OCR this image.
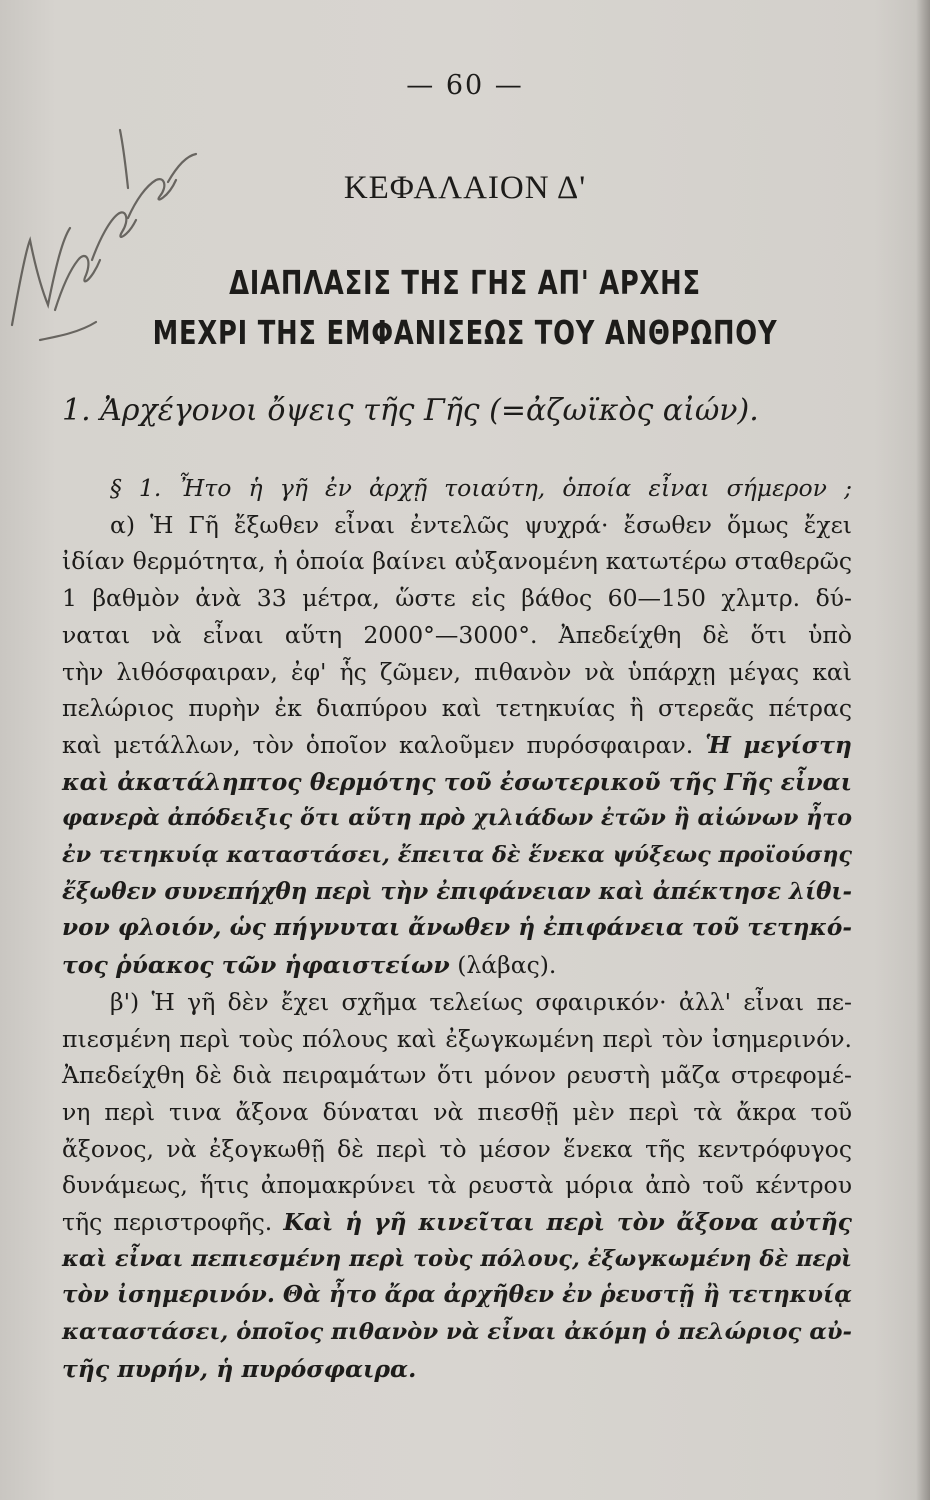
— 60 —
ΚΕΦΑΛΑΙΟΝ Δ'
ΔΙΑΠΛΑΣΙΣ ΤΗΣ ΓΗΣ ΑΠ' ΑΡΧΗΣ
ΜΕΧΡΙ ΤΗΣ ΕΜΦΑΝΙΣΕΩΣ ΤΟΥ ΑΝΘΡΩΠΟΥ
1. Ἀρχέγονοι ὄψεις τῆς Γῆς (=ἀζωϊκὸς αἰών).
§ 1. Ἦτο ἡ γῆ ἐν ἀρχῇ τοιαύτη, ὁποία εἶναι σήμερον ;
α) Ἡ Γῆ ἔξωθεν εἶναι ἐντελῶς ψυχρά· ἔσωθεν ὅμως ἔχει
ἰδίαν θερμότητα, ἡ ὁποία βαίνει αὐξανομένη κατωτέρω σταθερῶς
1 βαθμὸν ἀνὰ 33 μέτρα, ὥστε εἰς βάθος 60—150 χλμτρ. δύ-
ναται νὰ εἶναι αὕτη 2000°—3000°. Ἀπεδείχθη δὲ ὅτι ὑπὸ
τὴν λιθόσφαιραν, ἐφ' ἧς ζῶμεν, πιθανὸν νὰ ὑπάρχῃ μέγας καὶ
πελώριος πυρὴν ἐκ διαπύρου καὶ τετηκυίας ἢ στερεᾶς πέτρας
καὶ μετάλλων, τὸν ὁποῖον καλοῦμεν πυρόσφαιραν. Ἡ μεγίστη
καὶ ἀκατάληπτος θερμότης τοῦ ἐσωτερικοῦ τῆς Γῆς εἶναι
φανερὰ ἀπόδειξις ὅτι αὕτη πρὸ χιλιάδων ἐτῶν ἢ αἰώνων ἦτο
ἐν τετηκυίᾳ καταστάσει, ἔπειτα δὲ ἕνεκα ψύξεως προϊούσης
ἔξωθεν συνεπήχθη περὶ τὴν ἐπιφάνειαν καὶ ἀπέκτησε λίθι-
νον φλοιόν, ὡς πήγνυται ἄνωθεν ἡ ἐπιφάνεια τοῦ τετηκό-
τος ῥύακος τῶν ἡφαιστείων (λάβας).
β') Ἡ γῆ δὲν ἔχει σχῆμα τελείως σφαιρικόν· ἀλλ' εἶναι πε-
πιεσμένη περὶ τοὺς πόλους καὶ ἐξωγκωμένη περὶ τὸν ἰσημερινόν.
Ἀπεδείχθη δὲ διὰ πειραμάτων ὅτι μόνον ρευστὴ μᾶζα στρεφομέ-
νη περὶ τινα ἄξονα δύναται νὰ πιεσθῇ μὲν περὶ τὰ ἄκρα τοῦ
ἄξονος, νὰ ἐξογκωθῇ δὲ περὶ τὸ μέσον ἕνεκα τῆς κεντρόφυγος
δυνάμεως, ἥτις ἀπομακρύνει τὰ ρευστὰ μόρια ἀπὸ τοῦ κέντρου
τῆς περιστροφῆς. Καὶ ἡ γῆ κινεῖται περὶ τὸν ἄξονα αὐτῆς
καὶ εἶναι πεπιεσμένη περὶ τοὺς πόλους, ἐξωγκωμένη δὲ περὶ
τὸν ἰσημερινόν. Θὰ ἦτο ἄρα ἀρχῆθεν ἐν ῥευστῇ ἢ τετηκυίᾳ
καταστάσει, ὁποῖος πιθανὸν νὰ εἶναι ἀκόμη ὁ πελώριος αὐ-
τῆς πυρήν, ἡ πυρόσφαιρα.
